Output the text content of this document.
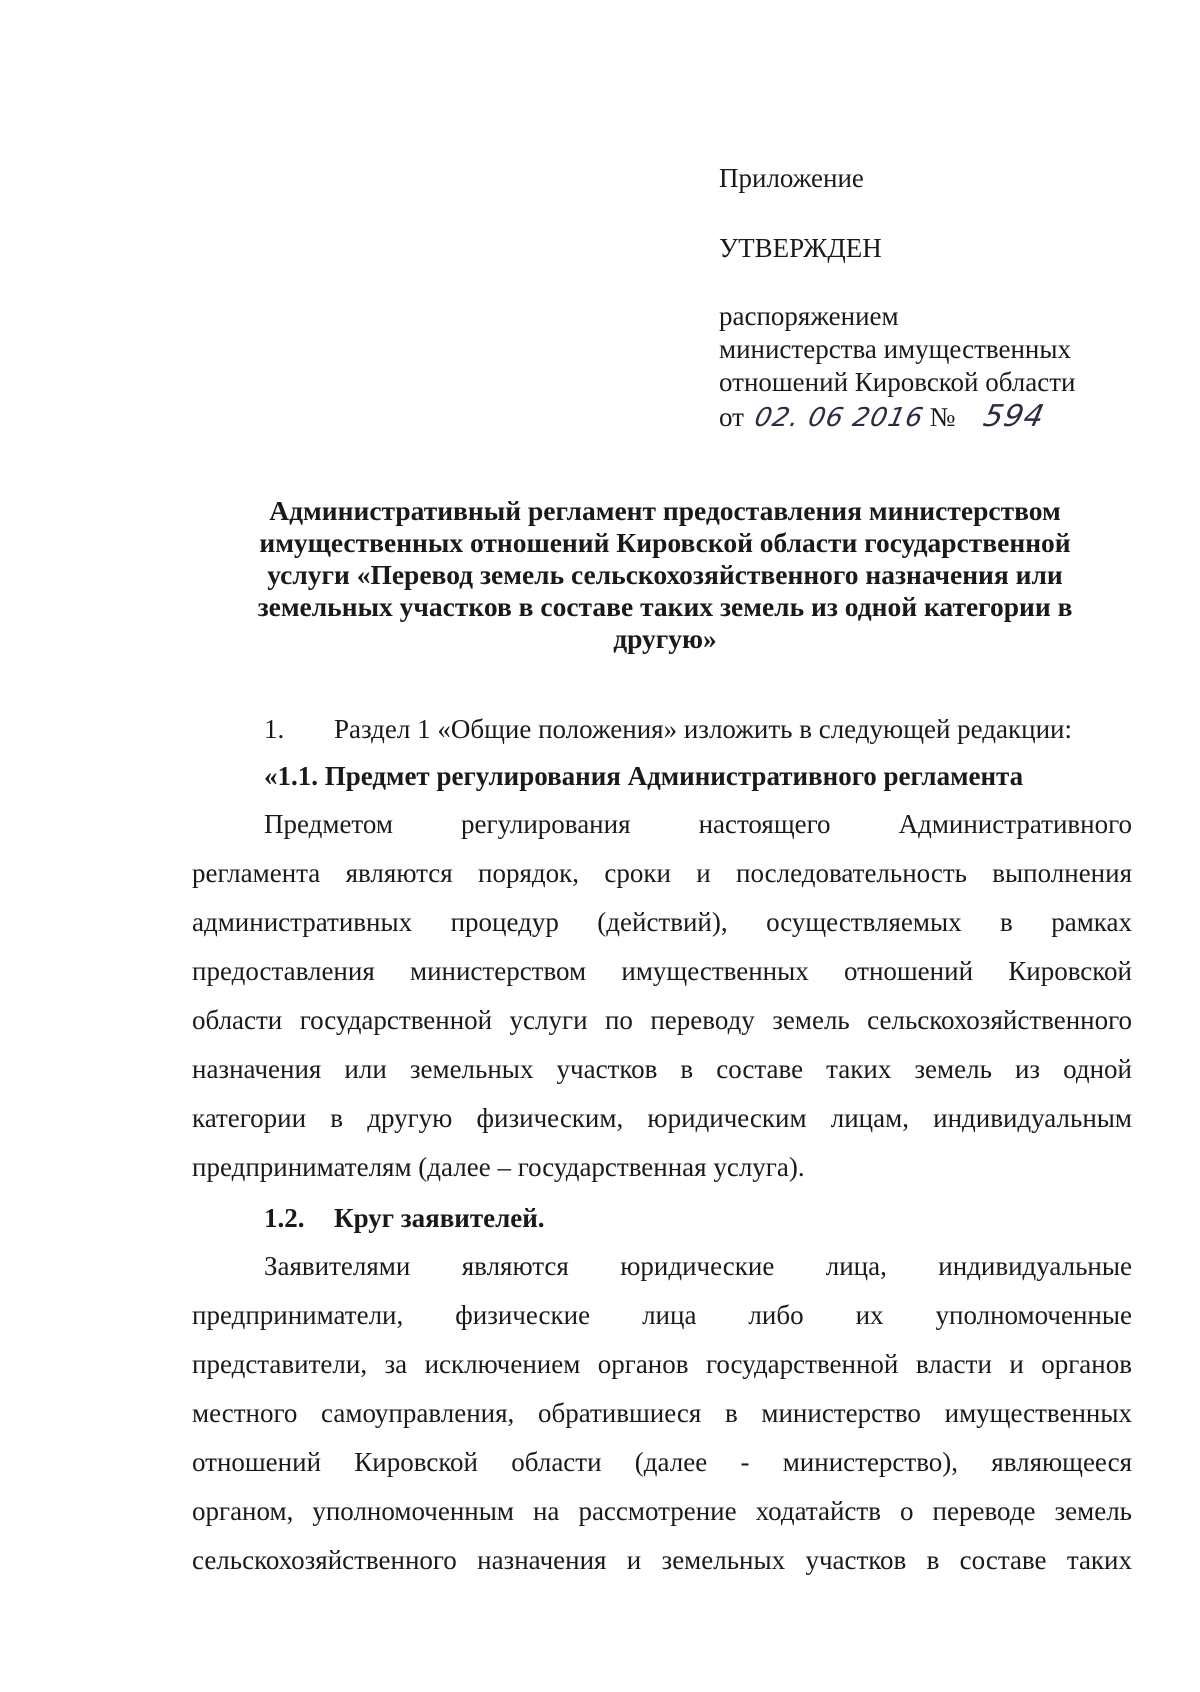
Приложение
УТВЕРЖДЕН
распоряжением
министерства имущественных
отношений Кировской области
от 02. 06 2016 № 594
Административный регламент предоставления министерством
имущественных отношений Кировской области государственной
услуги «Перевод земель сельскохозяйственного назначения или
земельных участков в составе таких земель из одной категории в
другую»
1. Раздел 1 «Общие положения» изложить в следующей редакции:
«1.1. Предмет регулирования Административного регламента
Предметом регулирования настоящего Административного
регламента являются порядок, сроки и последовательность выполнения
административных процедур (действий), осуществляемых в рамках
предоставления министерством имущественных отношений Кировской
области государственной услуги по переводу земель сельскохозяйственного
назначения или земельных участков в составе таких земель из одной
категории в другую физическим, юридическим лицам, индивидуальным
предпринимателям (далее – государственная услуга).
1.2. Круг заявителей.
Заявителями являются юридические лица, индивидуальные
предприниматели, физические лица либо их уполномоченные
представители, за исключением органов государственной власти и органов
местного самоуправления, обратившиеся в министерство имущественных
отношений Кировской области (далее - министерство), являющееся
органом, уполномоченным на рассмотрение ходатайств о переводе земель
сельскохозяйственного назначения и земельных участков в составе таких
